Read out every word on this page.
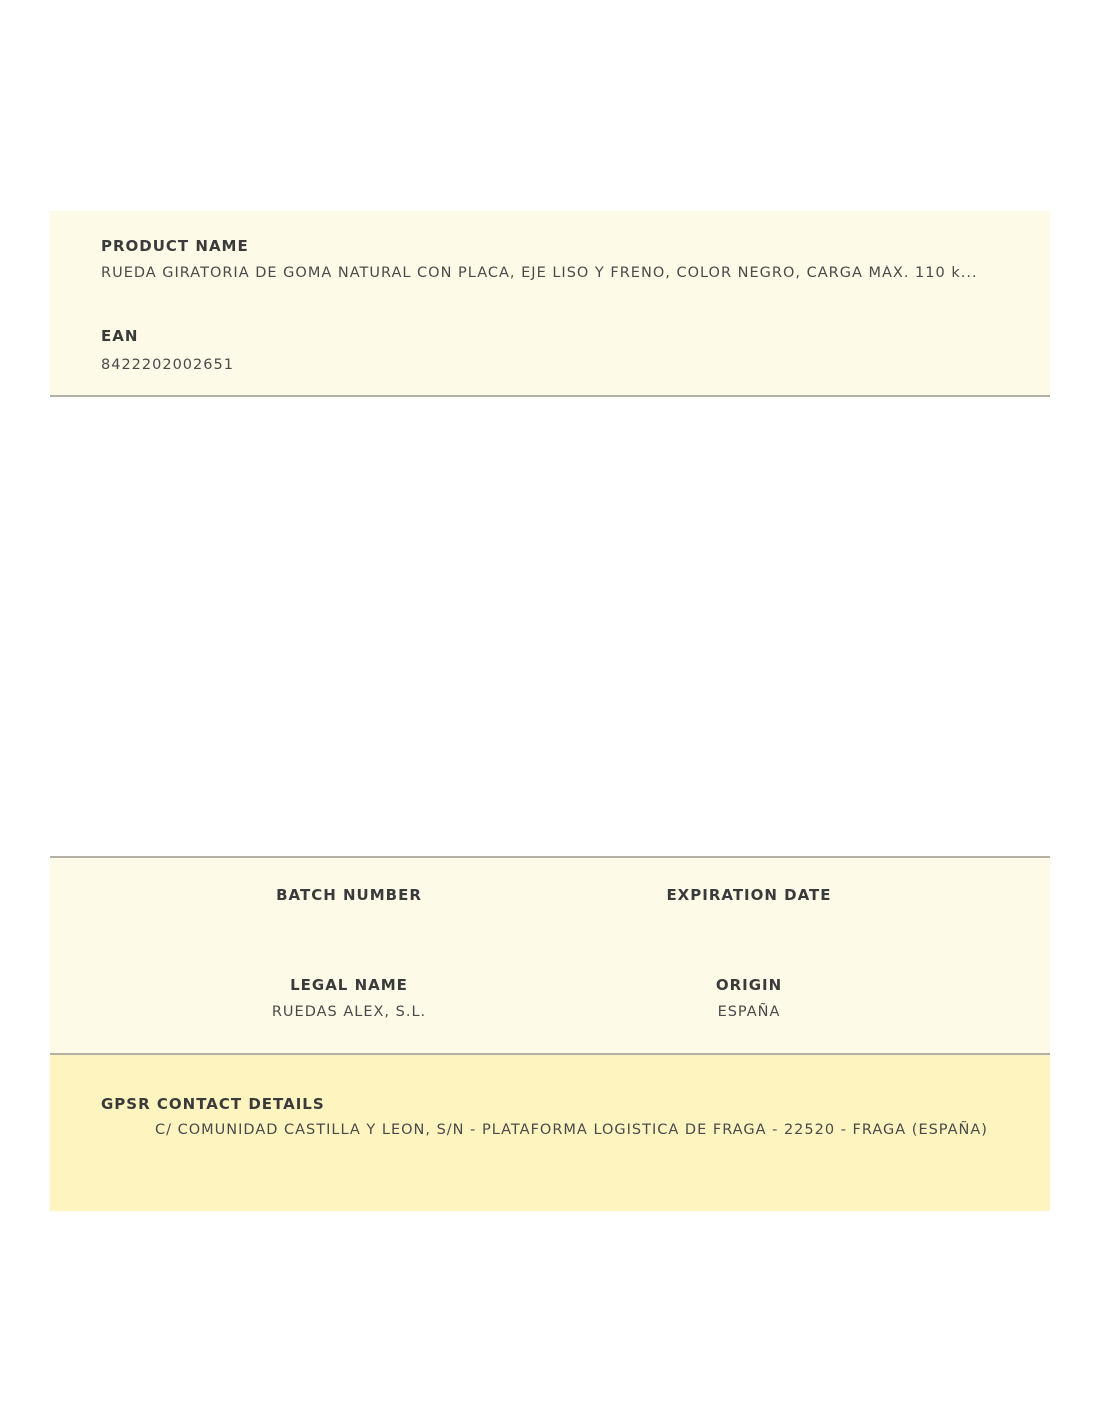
PRODUCT NAME
RUEDA GIRATORIA DE GOMA NATURAL CON PLACA, EJE LISO Y FRENO, COLOR NEGRO, CARGA MÁX. 110 k...
EAN
8422202002651
BATCH NUMBER	EXPIRATION DATE
LEGAL NAME
RUEDAS ALEX, S.L.
ORIGIN
ESPAÑA
GPSR CONTACT DETAILS
C/ COMUNIDAD CASTILLA Y LEON, S/N - PLATAFORMA LOGISTICA DE FRAGA - 22520 - FRAGA (ESPAÑA)
